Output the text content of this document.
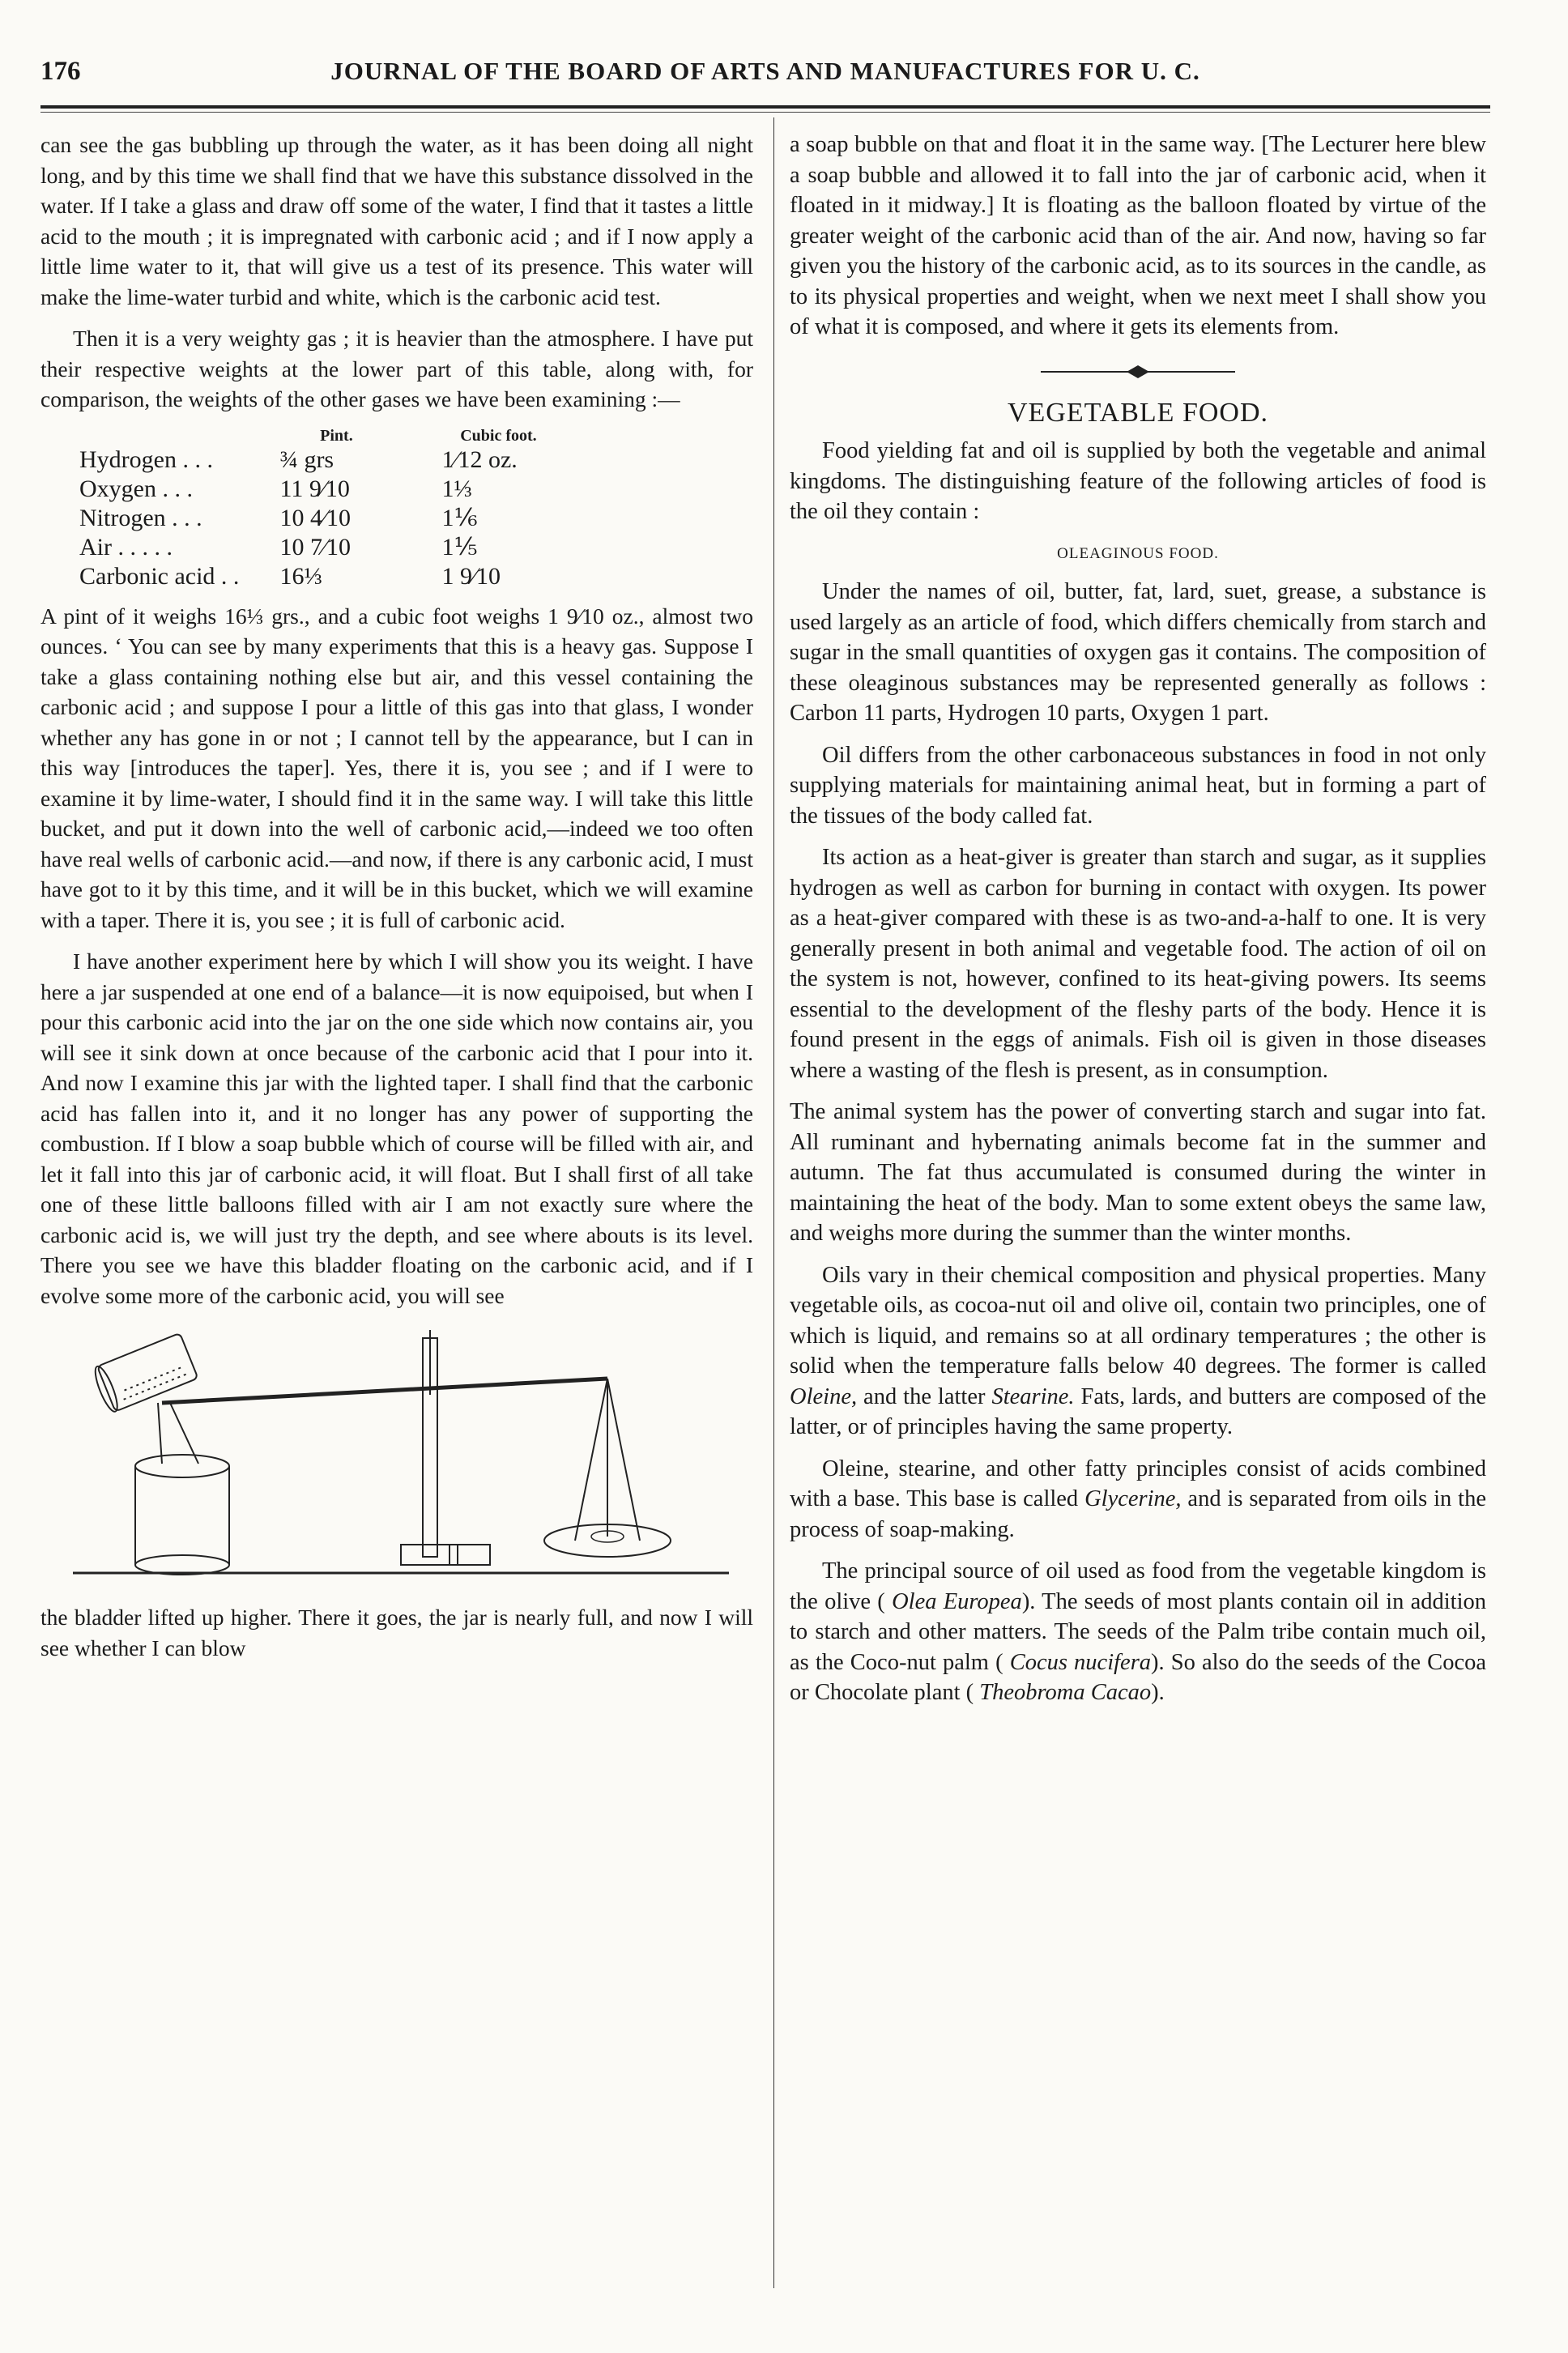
176	JOURNAL OF THE BOARD OF ARTS AND MANUFACTURES FOR U. C.

can see the gas bubbling up through the water, as it has been doing all night long, and by this time we shall find that we have this substance dissolved in the water. If I take a glass and draw off some of the water, I find that it tastes a little acid to the mouth ; it is impregnated with carbonic acid ; and if I now apply a little lime water to it, that will give us a test of its presence. This water will make the lime-water turbid and white, which is the carbonic acid test.

Then it is a very weighty gas ; it is heavier than the atmosphere. I have put their respective weights at the lower part of this table, along with, for comparison, the weights of the other gases we have been examining :—

	Pint.	Cubic foot.
Hydrogen . . .	¾ grs	1⁄12 oz.
Oxygen . . .	11 9⁄10	1⅓
Nitrogen . . .	10 4⁄10	1⅙
Air . . . . .	10 7⁄10	1⅕
Carbonic acid . .	16⅓	1 9⁄10

A pint of it weighs 16⅓ grs., and a cubic foot weighs 1 9⁄10 oz., almost two ounces. ‘ You can see by many experiments that this is a heavy gas. Suppose I take a glass containing nothing else but air, and this vessel containing the carbonic acid ; and suppose I pour a little of this gas into that glass, I wonder whether any has gone in or not ; I cannot tell by the appearance, but I can in this way [introduces the taper]. Yes, there it is, you see ; and if I were to examine it by lime-water, I should find it in the same way. I will take this little bucket, and put it down into the well of carbonic acid,—indeed we too often have real wells of carbonic acid.—and now, if there is any carbonic acid, I must have got to it by this time, and it will be in this bucket, which we will examine with a taper. There it is, you see ; it is full of carbonic acid.

I have another experiment here by which I will show you its weight. I have here a jar suspended at one end of a balance—it is now equipoised, but when I pour this carbonic acid into the jar on the one side which now contains air, you will see it sink down at once because of the carbonic acid that I pour into it. And now I examine this jar with the lighted taper. I shall find that the carbonic acid has fallen into it, and it no longer has any power of supporting the combustion. If I blow a soap bubble which of course will be filled with air, and let it fall into this jar of carbonic acid, it will float. But I shall first of all take one of these little balloons filled with air I am not exactly sure where the carbonic acid is, we will just try the depth, and see where abouts is its level. There you see we have this bladder floating on the carbonic acid, and if I evolve some more of the carbonic acid, you will see

the bladder lifted up higher. There it goes, the jar is nearly full, and now I will see whether I can blow

a soap bubble on that and float it in the same way. [The Lecturer here blew a soap bubble and allowed it to fall into the jar of carbonic acid, when it floated in it midway.] It is floating as the balloon floated by virtue of the greater weight of the carbonic acid than of the air. And now, having so far given you the history of the carbonic acid, as to its sources in the candle, as to its physical properties and weight, when we next meet I shall show you of what it is composed, and where it gets its elements from.

VEGETABLE FOOD.

Food yielding fat and oil is supplied by both the vegetable and animal kingdoms. The distinguishing feature of the following articles of food is the oil they contain :

OLEAGINOUS FOOD.

Under the names of oil, butter, fat, lard, suet, grease, a substance is used largely as an article of food, which differs chemically from starch and sugar in the small quantities of oxygen gas it contains. The composition of these oleaginous substances may be represented generally as follows : Carbon 11 parts, Hydrogen 10 parts, Oxygen 1 part.

Oil differs from the other carbonaceous substances in food in not only supplying materials for maintaining animal heat, but in forming a part of the tissues of the body called fat.

Its action as a heat-giver is greater than starch and sugar, as it supplies hydrogen as well as carbon for burning in contact with oxygen. Its power as a heat-giver compared with these is as two-and-a-half to one. It is very generally present in both animal and vegetable food. The action of oil on the system is not, however, confined to its heat-giving powers. Its seems essential to the development of the fleshy parts of the body. Hence it is found present in the eggs of animals. Fish oil is given in those diseases where a wasting of the flesh is present, as in consumption.

The animal system has the power of converting starch and sugar into fat. All ruminant and hybernating animals become fat in the summer and autumn. The fat thus accumulated is consumed during the winter in maintaining the heat of the body. Man to some extent obeys the same law, and weighs more during the summer than the winter months.

Oils vary in their chemical composition and physical properties. Many vegetable oils, as cocoa-nut oil and olive oil, contain two principles, one of which is liquid, and remains so at all ordinary temperatures ; the other is solid when the temperature falls below 40 degrees. The former is called Oleine, and the latter Stearine. Fats, lards, and butters are composed of the latter, or of principles having the same property.

Oleine, stearine, and other fatty principles consist of acids combined with a base. This base is called Glycerine, and is separated from oils in the process of soap-making.

The principal source of oil used as food from the vegetable kingdom is the olive ( Olea Europea). The seeds of most plants contain oil in addition to starch and other matters. The seeds of the Palm tribe contain much oil, as the Coco-nut palm ( Cocus nucifera). So also do the seeds of the Cocoa or Chocolate plant ( Theobroma Cacao).
